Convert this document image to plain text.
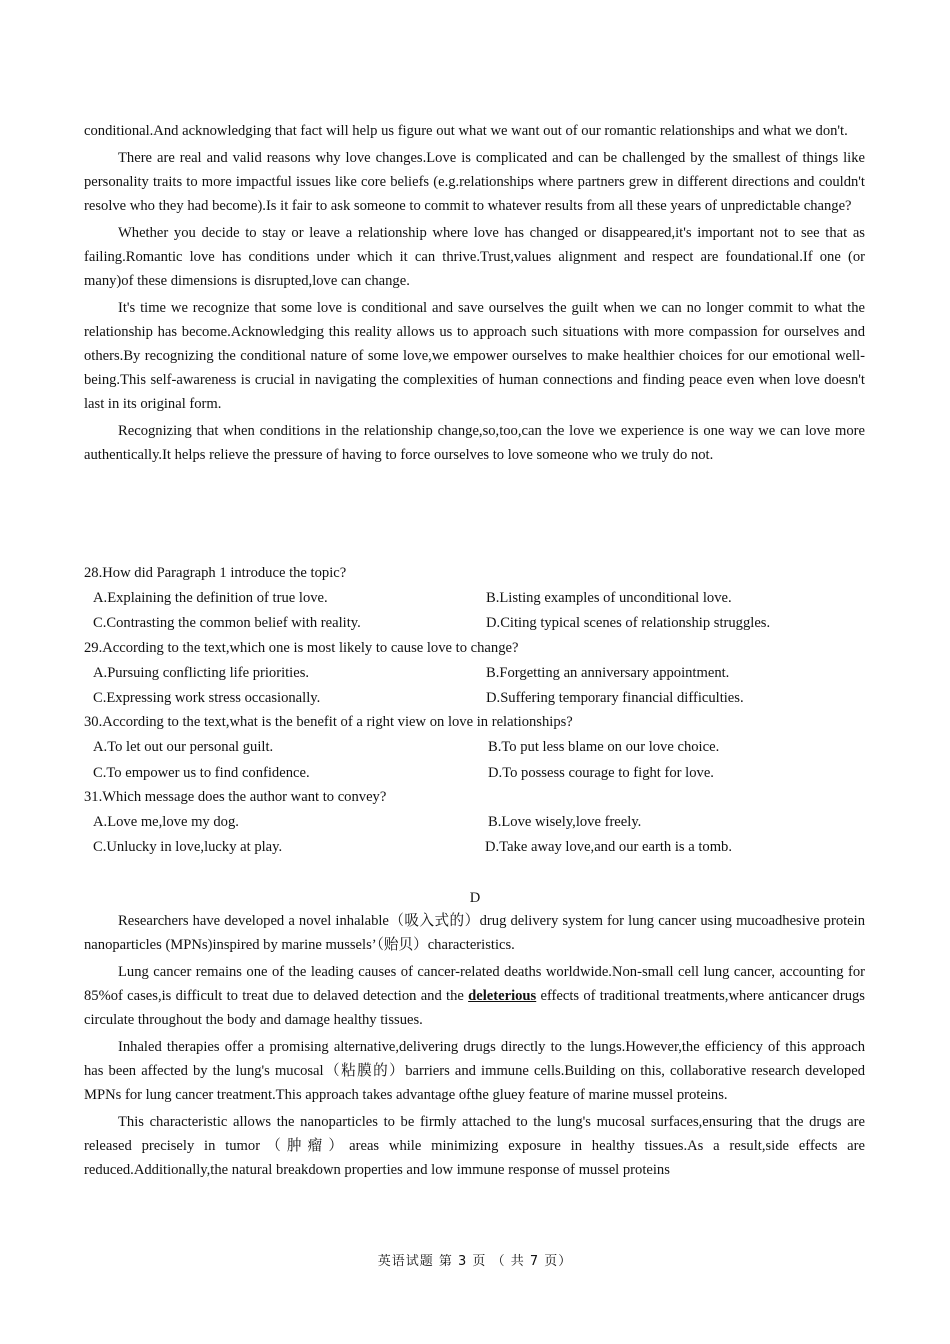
conditional.And acknowledging that fact will help us figure out what we want out of our romantic relationships and what we don't.

There are real and valid reasons why love changes.Love is complicated and can be challenged by the smallest of things like personality traits to more impactful issues like core beliefs (e.g.relationships where partners grew in different directions and couldn't resolve who they had become).Is it fair to ask someone to commit to whatever results from all these years of unpredictable change?

Whether you decide to stay or leave a relationship where love has changed or disappeared,it's important not to see that as failing.Romantic love has conditions under which it can thrive.Trust,values alignment and respect are foundational.If one (or many)of these dimensions is disrupted,love can change.

It's time we recognize that some love is conditional and save ourselves the guilt when we can no longer commit to what the relationship has become.Acknowledging this reality allows us to approach such situations with more compassion for ourselves and others.By recognizing the conditional nature of some love,we empower ourselves to make healthier choices for our emotional well-being.This self-awareness is crucial in navigating the complexities of human connections and finding peace even when love doesn't last in its original form.

Recognizing that when conditions in the relationship change,so,too,can the love we experience is one way we can love more authentically.It helps relieve the pressure of having to force ourselves to love someone who we truly do not.

28.How did Paragraph 1 introduce the topic?

A.Explaining the definition of true love.	B.Listing examples of unconditional love.
C.Contrasting the common belief with reality.	D.Citing typical scenes of relationship struggles.

29.According to the text,which one is most likely to cause love to change?

A.Pursuing conflicting life priorities.	B.Forgetting an anniversary appointment.
C.Expressing work stress occasionally.	D.Suffering temporary financial difficulties.

30.According to the text,what is the benefit of a right view on love in relationships?

A.To let out our personal guilt.	B.To put less blame on our love choice.
C.To empower us to find confidence.	D.To possess courage to fight for love.

31.Which message does the author want to convey?

A.Love me,love my dog.	B.Love wisely,love freely.
C.Unlucky in love,lucky at play.	D.Take away love,and our earth is a tomb.
D

Researchers have developed a novel inhalable（吸入式的）drug delivery system for lung cancer using mucoadhesive protein nanoparticles (MPNs)inspired by marine mussels’（贻贝）characteristics.

Lung cancer remains one of the leading causes of cancer-related deaths worldwide.Non-small cell lung cancer, accounting for 85%of cases,is difficult to treat due to delaved detection and the deleterious effects of traditional treatments,where anticancer drugs circulate throughout the body and damage healthy tissues.

Inhaled therapies offer a promising alternative,delivering drugs directly to the lungs.However,the efficiency of this approach has been affected by the lung's mucosal（粘膜的）barriers and immune cells.Building on this, collaborative research developed MPNs for lung cancer treatment.This approach takes advantage ofthe gluey feature of marine mussel proteins.

This characteristic allows the nanoparticles to be firmly attached to the lung's mucosal surfaces,ensuring that the drugs are released precisely in tumor（肿瘤）areas while minimizing exposure in healthy tissues.As a result,side effects are reduced.Additionally,the natural breakdown properties and low immune response of mussel proteins

英语试题 第 3 页 （ 共 7 页）
